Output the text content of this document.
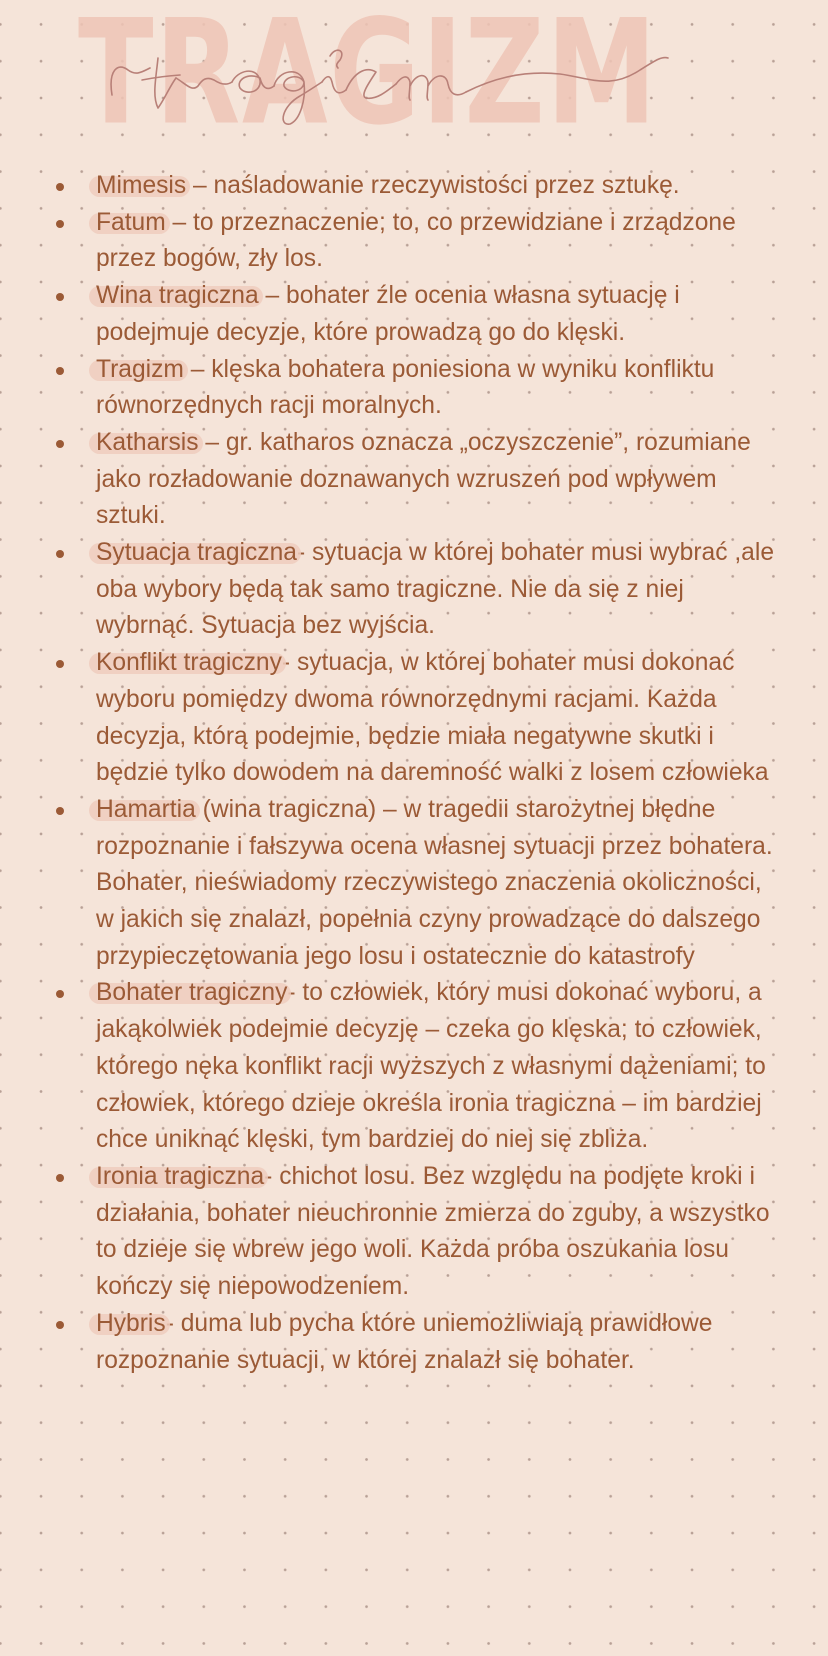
TRAGIZM
Mimesis – naśladowanie rzeczywistości przez sztukę.
Fatum – to przeznaczenie; to, co przewidziane i zrządzone przez bogów, zły los.
Wina tragiczna – bohater źle ocenia własna sytuację i podejmuje decyzje, które prowadzą go do klęski.
Tragizm – klęska bohatera poniesiona w wyniku konfliktu równorzędnych racji moralnych.
Katharsis – gr. katharos oznacza „oczyszczenie”, rozumiane jako rozładowanie doznawanych wzruszeń pod wpływem sztuki.
Sytuacja tragiczna- sytuacja w której bohater musi wybrać ,ale oba wybory będą tak samo tragiczne. Nie da się z niej wybrnąć. Sytuacja bez wyjścia.
Konflikt tragiczny- sytuacja, w której bohater musi dokonać wyboru pomiędzy dwoma równorzędnymi racjami. Każda decyzja, którą podejmie, będzie miała negatywne skutki i będzie tylko dowodem na daremność walki z losem człowieka
Hamartia (wina tragiczna) – w tragedii starożytnej błędne rozpoznanie i fałszywa ocena własnej sytuacji przez bohatera. Bohater, nieświadomy rzeczywistego znaczenia okoliczności, w jakich się znalazł, popełnia czyny prowadzące do dalszego przypieczętowania jego losu i ostatecznie do katastrofy
Bohater tragiczny- to człowiek, który musi dokonać wyboru, a jakąkolwiek podejmie decyzję – czeka go klęska; to człowiek, którego nęka konflikt racji wyższych z własnymi dążeniami; to człowiek, którego dzieje określa ironia tragiczna – im bardziej chce uniknąć klęski, tym bardziej do niej się zbliża.
Ironia tragiczna- chichot losu. Bez względu na podjęte kroki i działania, bohater nieuchronnie zmierza do zguby, a wszystko to dzieje się wbrew jego woli. Każda próba oszukania losu kończy się niepowodzeniem.
Hybris- duma lub pycha które uniemożliwiają prawidłowe rozpoznanie sytuacji, w której znalazł się bohater.
